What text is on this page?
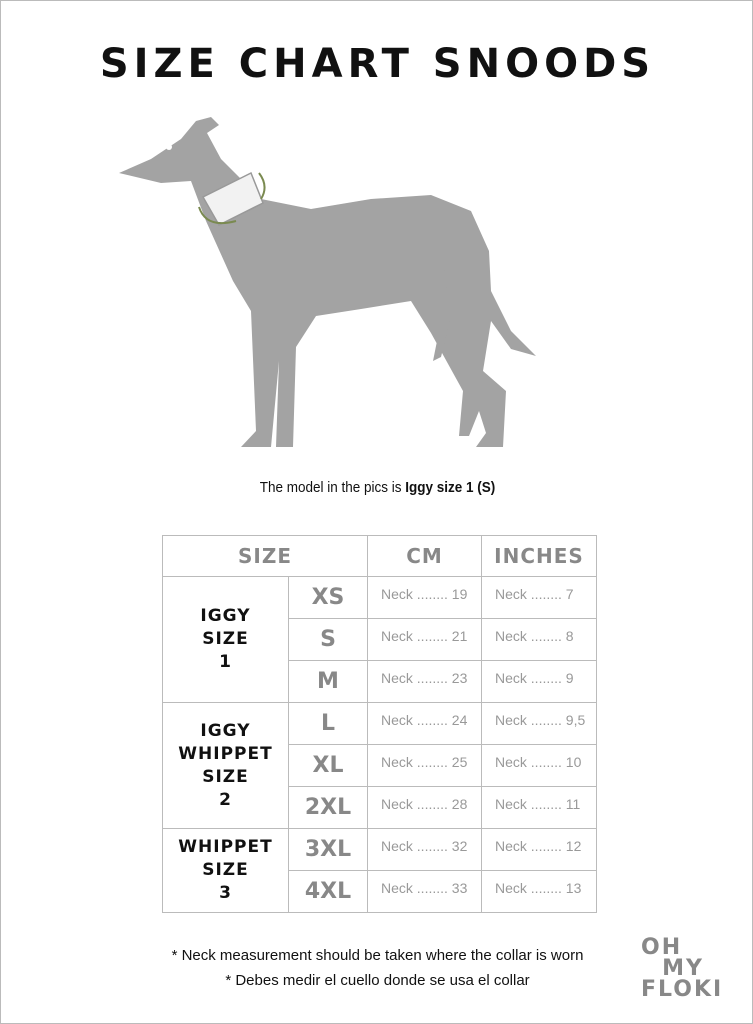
SIZE CHART SNOODS
The model in the pics is Iggy size 1 (S)
SIZE		CM	INCHES

IGGY
SIZE
1	XS	Neck ........ 19	Neck ........ 7
	S	Neck ........ 21	Neck ........ 8
	M	Neck ........ 23	Neck ........ 9

IGGY
WHIPPET
SIZE
2	L	Neck ........ 24	Neck ........ 9,5
	XL	Neck ........ 25	Neck ........ 10
	2XL	Neck ........ 28	Neck ........ 11

WHIPPET
SIZE
3	3XL	Neck ........ 32	Neck ........ 12
	4XL	Neck ........ 33	Neck ........ 13
* Neck measurement should be taken where the collar is worn
* Debes medir el cuello donde se usa el collar
OH
MY
FLOKI
